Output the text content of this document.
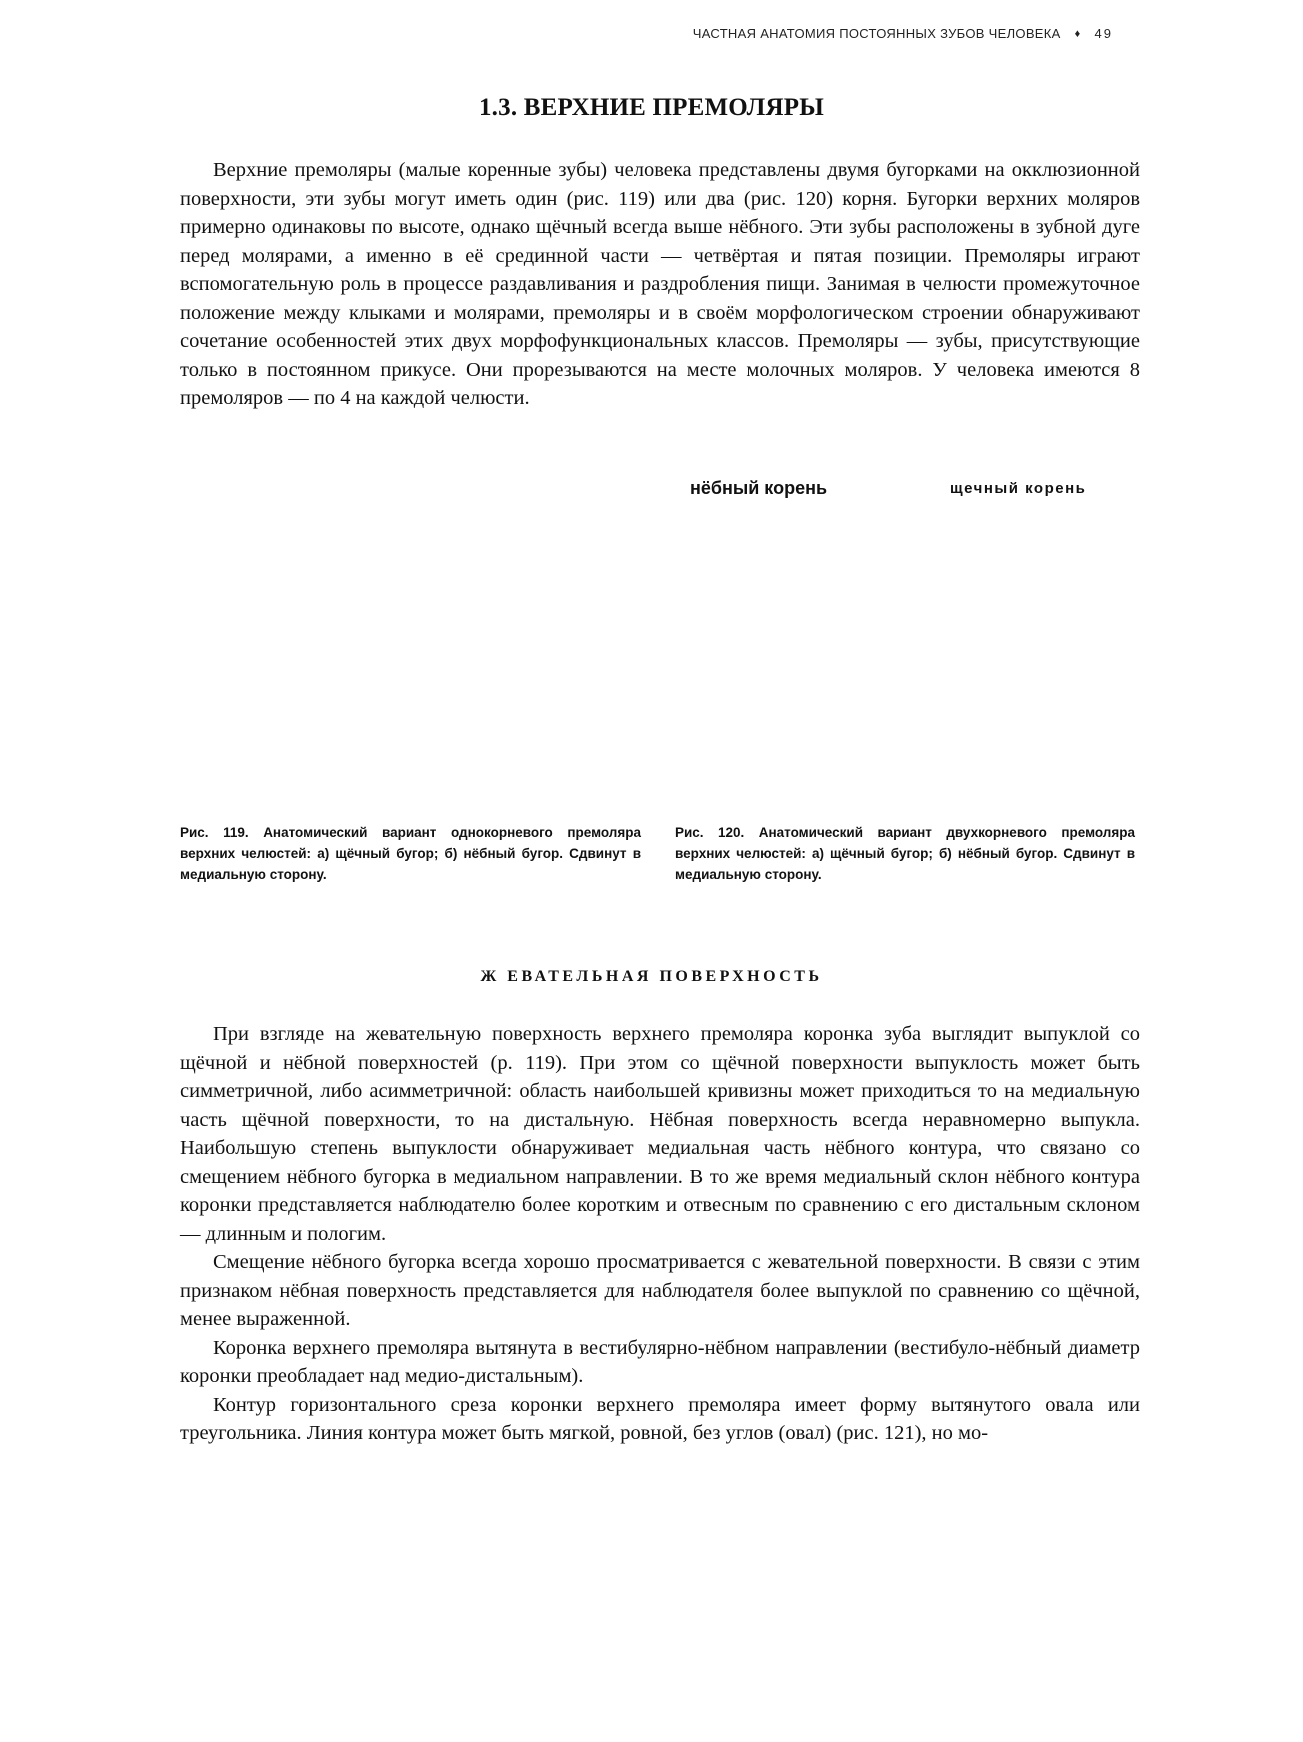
ЧАСТНАЯ АНАТОМИЯ ПОСТОЯННЫХ ЗУБОВ ЧЕЛОВЕКА ♦ 49
1.3. ВЕРХНИЕ ПРЕМОЛЯРЫ

Верхние премоляры (малые коренные зубы) человека представлены двумя бугорками на окклюзионной поверхности, эти зубы могут иметь один (рис. 119) или два (рис. 120) корня. Бугорки верхних моляров примерно одинаковы по высоте, однако щёчный всегда выше нёбного. Эти зубы расположены в зубной дуге перед молярами, а именно в её срединной части — четвёртая и пятая позиции. Премоляры играют вспомогательную роль в процессе раздавливания и раздробления пищи. Занимая в челюсти промежуточное положение между клыками и молярами, премоляры и в своём морфологическом строении обнаруживают сочетание особенностей этих двух морфофункциональных классов. Премоляры — зубы, присутствующие только в постоянном прикусе. Они прорезываются на месте молочных моляров. У человека имеются 8 премоляров — по 4 на каждой челюсти.

нёбный корень	щечный корень
Рис. 119. Анатомический вариант однокорневого премоляра верхних челюстей: а) щёчный бугор; б) нёбный бугор. Сдвинут в медиальную сторону.
Рис. 120. Анатомический вариант двухкорневого премоляра верхних челюстей: а) щёчный бугор; б) нёбный бугор. Сдвинут в медиальную сторону.
Ж ЕВАТЕЛЬНАЯ ПОВЕРХНОСТЬ

При взгляде на жевательную поверхность верхнего премоляра коронка зуба выглядит выпуклой со щёчной и нёбной поверхностей (р. 119). При этом со щёчной поверхности выпуклость может быть симметричной, либо асимметричной: область наибольшей кривизны может приходиться то на медиальную часть щёчной поверхности, то на дистальную. Нёбная поверхность всегда неравномерно выпукла. Наибольшую степень выпуклости обнаруживает медиальная часть нёбного контура, что связано со смещением нёбного бугорка в медиальном направлении. В то же время медиальный склон нёбного контура коронки представляется наблюдателю более коротким и отвесным по сравнению с его дистальным склоном — длинным и пологим.

Смещение нёбного бугорка всегда хорошо просматривается с жевательной поверхности. В связи с этим признаком нёбная поверхность представляется для наблюдателя более выпуклой по сравнению со щёчной, менее выраженной.

Коронка верхнего премоляра вытянута в вестибулярно-нёбном направлении (вестибуло-нёбный диаметр коронки преобладает над медио-дистальным).

Контур горизонтального среза коронки верхнего премоляра имеет форму вытянутого овала или треугольника. Линия контура может быть мягкой, ровной, без углов (овал) (рис. 121), но мо-
